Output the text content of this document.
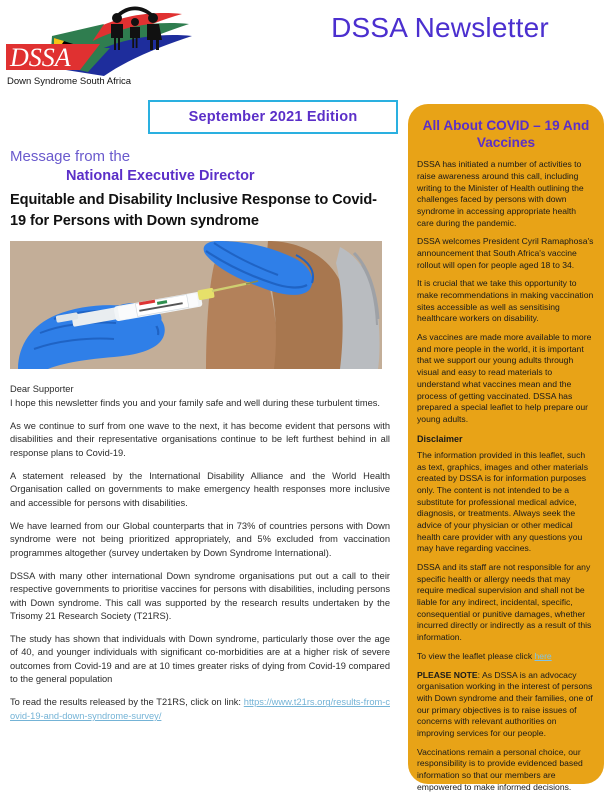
DSSA
Down Syndrome South Africa
DSSA Newsletter
September 2021 Edition
Message from the
National Executive Director
Equitable and Disability Inclusive Response to Covid-19 for Persons with Down syndrome
Dear Supporter
I hope this newsletter finds you and your family safe and well during these turbulent times.
As we continue to surf from one wave to the next, it has become evident that persons with disabilities and their representative organisations continue to be left furthest behind in all response plans to Covid-19.
A statement released by the International Disability Alliance and the World Health Organisation called on governments to make emergency health responses more inclusive and accessible for persons with disabilities.
We have learned from our Global counterparts that in 73% of countries persons with Down syndrome were not being prioritized appropriately, and 5% excluded from vaccination programmes altogether (survey undertaken by Down Syndrome International).
DSSA with many other international Down syndrome organisations put out a call to their respective governments to prioritise vaccines for persons with disabilities, including persons with Down syndrome. This call was supported by the research results undertaken by the Trisomy 21 Research Society (T21RS).
The study has shown that individuals with Down syndrome, particularly those over the age of 40, and younger individuals with significant co-morbidities are at a higher risk of severe outcomes from Covid-19 and are at 10 times greater risks of dying from Covid-19 compared to the general population
To read the results released by the T21RS, click on link: https://www.t21rs.org/results-from-covid-19-and-down-syndrome-survey/
All About COVID – 19 And Vaccines
DSSA has initiated a number of activities to raise awareness around this call, including writing to the Minister of Health outlining the challenges faced by persons with down syndrome in accessing appropriate health care during the pandemic.
DSSA welcomes President Cyril Ramaphosa's announcement that South Africa's vaccine rollout will open for people aged 18 to 34.
It is crucial that we take this opportunity to make recommendations in making vaccination sites accessible as well as sensitising healthcare workers on disability.
As vaccines are made more available to more and more people in the world, it is important that we support our young adults through visual and easy to read materials to understand what vaccines mean and the process of getting vaccinated. DSSA has prepared a special leaflet to help prepare our young adults.
Disclaimer
The information provided in this leaflet, such as text, graphics, images and other materials created by DSSA is for information purposes only. The content is not intended to be a substitute for professional medical advice, diagnosis, or treatments. Always seek the advice of your physician or other medical health care provider with any questions you may have regarding vaccines.
DSSA and its staff are not responsible for any specific health or allergy needs that may require medical supervision and shall not be liable for any indirect, incidental, specific, consequential or punitive damages, whether incurred directly or indirectly as a result of this information.
To view the leaflet please click here
PLEASE NOTE: As DSSA is an advocacy organisation working in the interest of persons with Down syndrome and their families, one of our primary objectives is to raise issues of concerns with relevant authorities on improving services for our people.
Vaccinations remain a personal choice, our responsibility is to provide evidenced based information so that our members are empowered to make informed decisions.
